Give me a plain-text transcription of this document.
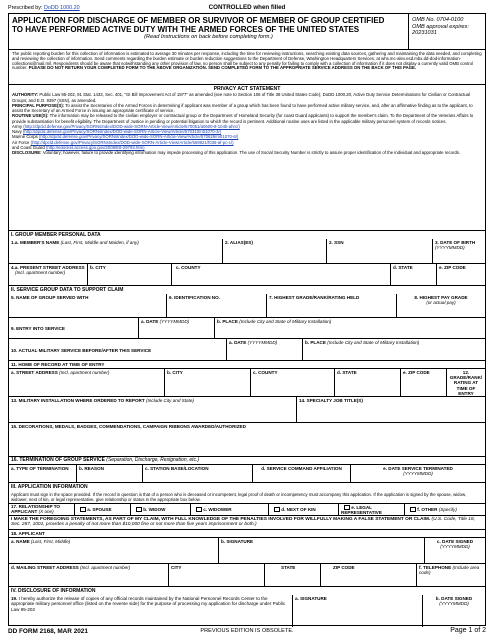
CONTROLLED when filled
Prescribed by: DoDD 1000.20
APPLICATION FOR DISCHARGE OF MEMBER OR SURVIVOR OF MEMBER OF GROUP CERTIFIED
TO HAVE PERFORMED ACTIVE DUTY WITH THE ARMED FORCES OF THE UNITED STATES
(Read Instructions on back before completing form.)
OMB No. 0704-0100
OMB approval expires:
20231031
The public reporting burden for this collection of information is estimated to average 30 minutes per response, including the time for reviewing instructions, searching existing data sources, gathering and maintaining the data needed, and completing and reviewing the collection of information. Send comments regarding the burden estimate or burden reduction suggestions to the Department of Defense, Washington Headquarters Services, at whs.mc-alex.esd.mbx.dd-dod-information-collections@mail.mil. Respondents should be aware that notwithstanding any other provision of law, no person shall be subject to any penalty for failing to comply with a collection of information if it does not display a currently valid OMB control number. PLEASE DO NOT RETURN YOUR COMPLETED FORM TO THE ABOVE ORGANIZATION. SEND COMPLETED FORM TO THE APPROPRIATE SERVICE ADDRESS ON THE BACK OF THIS PAGE.
PRIVACY ACT STATEMENT
AUTHORITY: Public Law 95-202, 91 Stat. 1433, Sec. 401, "GI Bill Improvement Act of 1977" as amended (see note to Section 106 of Title 38 United States Code); DoDD 1000.20, Active Duty Service Determinations for Civilian or Contractual Groups; and E.O. 9397 (SSN), as amended.
PRINCIPAL PURPOSE(S): To assist the Secretaries of the Armed Forces in determining if applicant was member of a group which has been found to have performed active military service, and, after an affirmative finding as to the applicant, to assist the Secretary of an Armed Force in issuing an appropriate certificate of service.
ROUTINE USE(S): The information may be released to the civilian employer or contractual group or the Department of Homeland Security (for coast Guard applicants) to support the member's claim. To the Department of the Veterans Affairs to provide substantiation for benefit eligibility. The Department of Justice in pending or potential litigation to which the record is pertinent. Additional routine uses are listed in the applicable military personnel system of records notices.
Army (http://dpcld.defense.gov/Privacy/SORNsIndex/DOD-wide-SORN-Article-View/Article/570051/a0600-8-104b-ahrc/)
Navy (http://dpcld.defense.gov/Privacy/SORNsIndex/DOD-wide-SORN-Article-View/Article/570310/n01070-3/)
Marine Corps (http://dpcld.defense.gov/Privacy/SORNsIndex/DOD-wide-SORN-Article-View/Article/570626/m01070-6/)
Air Force (http://dpcld.defense.gov/Privacy/SORNsIndex/DOD-wide-SORN-Article-View/Article/569821/f036-af-pc-c/)
and Coast Guard (http://edocket.access.gpo.gov/2008/E8-29793.htm)
DISCLOSURE: Voluntary; however, failure to provide identifying information may impede processing of this application. The use of Social Security Number is strictly to assure proper identification of the individual and appropriate records.
I. GROUP MEMBER PERSONAL DATA
1.a. MEMBER'S NAME (Last, First, Middle and Maiden, if any)	2. ALIAS(ES)	2. SSN	3. DATE OF BIRTH
(YYYYMMDD)
4.a. PRESENT STREET ADDRESS
(Incl. apartment number)
b. CITY	c. COUNTY	d. STATE	e. ZIP CODE
II. SERVICE GROUP DATA TO SUPPORT CLAIM
5. NAME OF GROUP SERVED WITH	6. IDENTIFICATION NO.	7. HIGHEST GRADE/RANK/RATING HELD	8. HIGHEST PAY GRADE
(or actual pay)
9. ENTRY INTO SERVICE
a. DATE (YYYYMMDD)	b. PLACE (Include City and State of Military Installation)
10. ACTUAL MILITARY SERVICE BEFORE/AFTER THIS SERVICE
a. DATE (YYYYMMDD)	b. PLACE (Include City and State of Military Installation)
11. HOME OF RECORD AT TIME OF ENTRY
a. STREET ADDRESS (Incl. apartment number)	b. CITY	c. COUNTY	d. STATE	e. ZIP CODE	12. GRADE/RANK/ RATING AT TIME OF ENTRY
13. MILITARY INSTALLATION WHERE ORDERED TO REPORT (Include City and State)	14. SPECIALTY JOB TITLE(S)
15. DECORATIONS, MEDALS, BADGES, COMMENDATIONS, CAMPAIGN RIBBONS AWARDED/AUTHORIZED
16. TERMINATION OF GROUP SERVICE (Separation, Discharge, Resignation, etc.)
a. TYPE OF TERMINATION	b. REASON	c. STATION BASE/LOCATION	d. SERVICE COMMAND AFFILIATION	e. DATE SERVICE TERMINATED
(YYYYMMDD)
III. APPLICATION INFORMATION
Applicant must sign in the space provided. If the record in question is that of a person who is deceased or incompetent, legal proof of death or incompetency must accompany this application. If the application is signed by the spouse, widow, widower, next of kin, or legal representative, give relationship or status in the appropriate box below.
17. RELATIONSHIP TO APPLICANT (X one)	a. SPOUSE	b. WIDOW	c. WIDOWER	d. NEXT OF KIN	e. LEGAL REPRESENTATIVE
f. OTHER (Specify)
I MAKE THE FOREGOING STATEMENTS, AS PART OF MY CLAIM, WITH FULL KNOWLEDGE OF THE PENALTIES INVOLVED FOR WILLFULLY MAKING A FALSE STATEMENT OR CLAIM. (U.S. Code, Title 18, Sec. 287, 1001, provides a penalty of not more than $10,000 fine or not more than five years imprisonment or both.)
18. APPLICANT
a. NAME (Last, First, Middle)	b. SIGNATURE	c. DATE SIGNED
(YYYYMMDD)
d. MAILING STREET ADDRESS (Incl. apartment number)	CITY	STATE	ZIP CODE	f. TELEPHONE (Include area code)
IV. DISCLOSURE OF INFORMATION
19. I hereby authorize the release of copies of any official records maintained by the National Personnel Records Center to the appropriate military personnel office (listed on the reverse side) for the purpose of processing my application for discharge under Public Law 95-202
a. SIGNATURE	b. DATE SIGNED
(YYYYMMDD)
PREVIOUS EDITION IS OBSOLETE.
DD FORM 2168, MAR 2021	Page 1 of 2
